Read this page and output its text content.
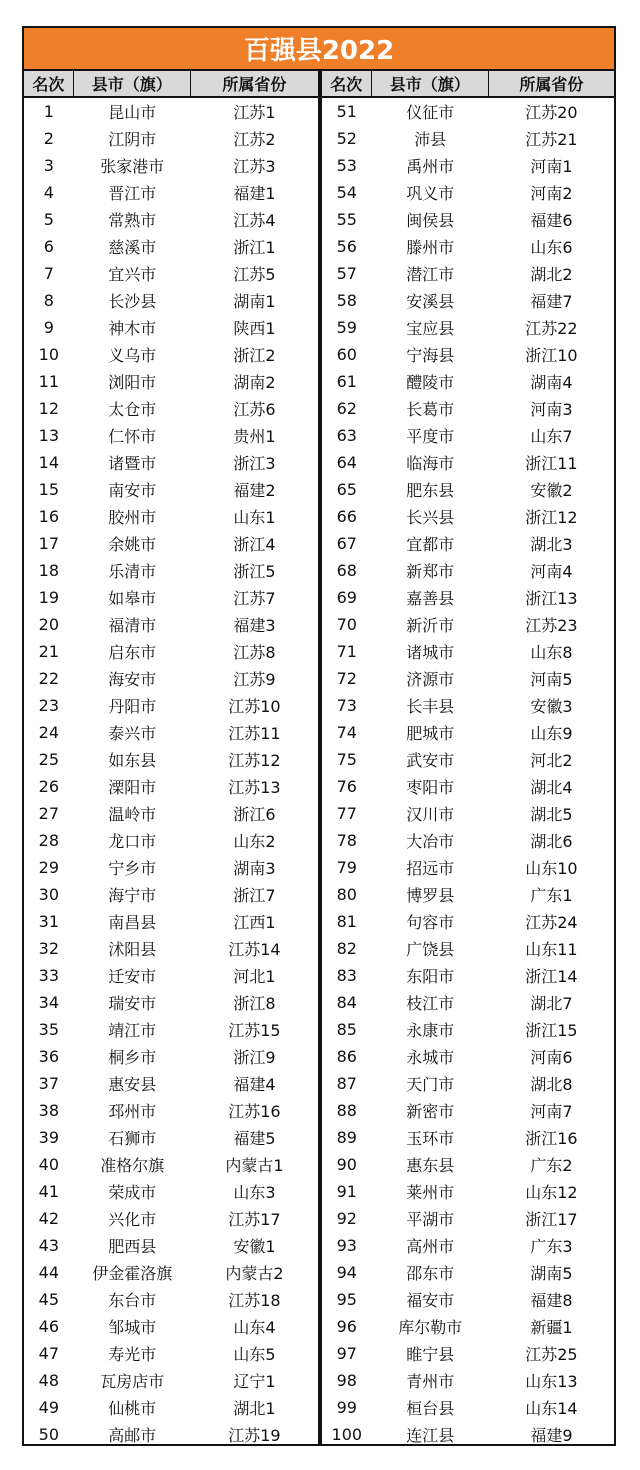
百强县2022
名次	县市（旗）	所属省份	名次	县市（旗）	所属省份
1	昆山市	江苏1	51	仪征市	江苏20
2	江阴市	江苏2	52	沛县	江苏21
3	张家港市	江苏3	53	禹州市	河南1
4	晋江市	福建1	54	巩义市	河南2
5	常熟市	江苏4	55	闽侯县	福建6
6	慈溪市	浙江1	56	滕州市	山东6
7	宜兴市	江苏5	57	潜江市	湖北2
8	长沙县	湖南1	58	安溪县	福建7
9	神木市	陕西1	59	宝应县	江苏22
10	义乌市	浙江2	60	宁海县	浙江10
11	浏阳市	湖南2	61	醴陵市	湖南4
12	太仓市	江苏6	62	长葛市	河南3
13	仁怀市	贵州1	63	平度市	山东7
14	诸暨市	浙江3	64	临海市	浙江11
15	南安市	福建2	65	肥东县	安徽2
16	胶州市	山东1	66	长兴县	浙江12
17	余姚市	浙江4	67	宜都市	湖北3
18	乐清市	浙江5	68	新郑市	河南4
19	如皋市	江苏7	69	嘉善县	浙江13
20	福清市	福建3	70	新沂市	江苏23
21	启东市	江苏8	71	诸城市	山东8
22	海安市	江苏9	72	济源市	河南5
23	丹阳市	江苏10	73	长丰县	安徽3
24	泰兴市	江苏11	74	肥城市	山东9
25	如东县	江苏12	75	武安市	河北2
26	溧阳市	江苏13	76	枣阳市	湖北4
27	温岭市	浙江6	77	汉川市	湖北5
28	龙口市	山东2	78	大冶市	湖北6
29	宁乡市	湖南3	79	招远市	山东10
30	海宁市	浙江7	80	博罗县	广东1
31	南昌县	江西1	81	句容市	江苏24
32	沭阳县	江苏14	82	广饶县	山东11
33	迁安市	河北1	83	东阳市	浙江14
34	瑞安市	浙江8	84	枝江市	湖北7
35	靖江市	江苏15	85	永康市	浙江15
36	桐乡市	浙江9	86	永城市	河南6
37	惠安县	福建4	87	天门市	湖北8
38	邳州市	江苏16	88	新密市	河南7
39	石狮市	福建5	89	玉环市	浙江16
40	准格尔旗	内蒙古1	90	惠东县	广东2
41	荣成市	山东3	91	莱州市	山东12
42	兴化市	江苏17	92	平湖市	浙江17
43	肥西县	安徽1	93	高州市	广东3
44	伊金霍洛旗	内蒙古2	94	邵东市	湖南5
45	东台市	江苏18	95	福安市	福建8
46	邹城市	山东4	96	库尔勒市	新疆1
47	寿光市	山东5	97	睢宁县	江苏25
48	瓦房店市	辽宁1	98	青州市	山东13
49	仙桃市	湖北1	99	桓台县	山东14
50	高邮市	江苏19	100	连江县	福建9
